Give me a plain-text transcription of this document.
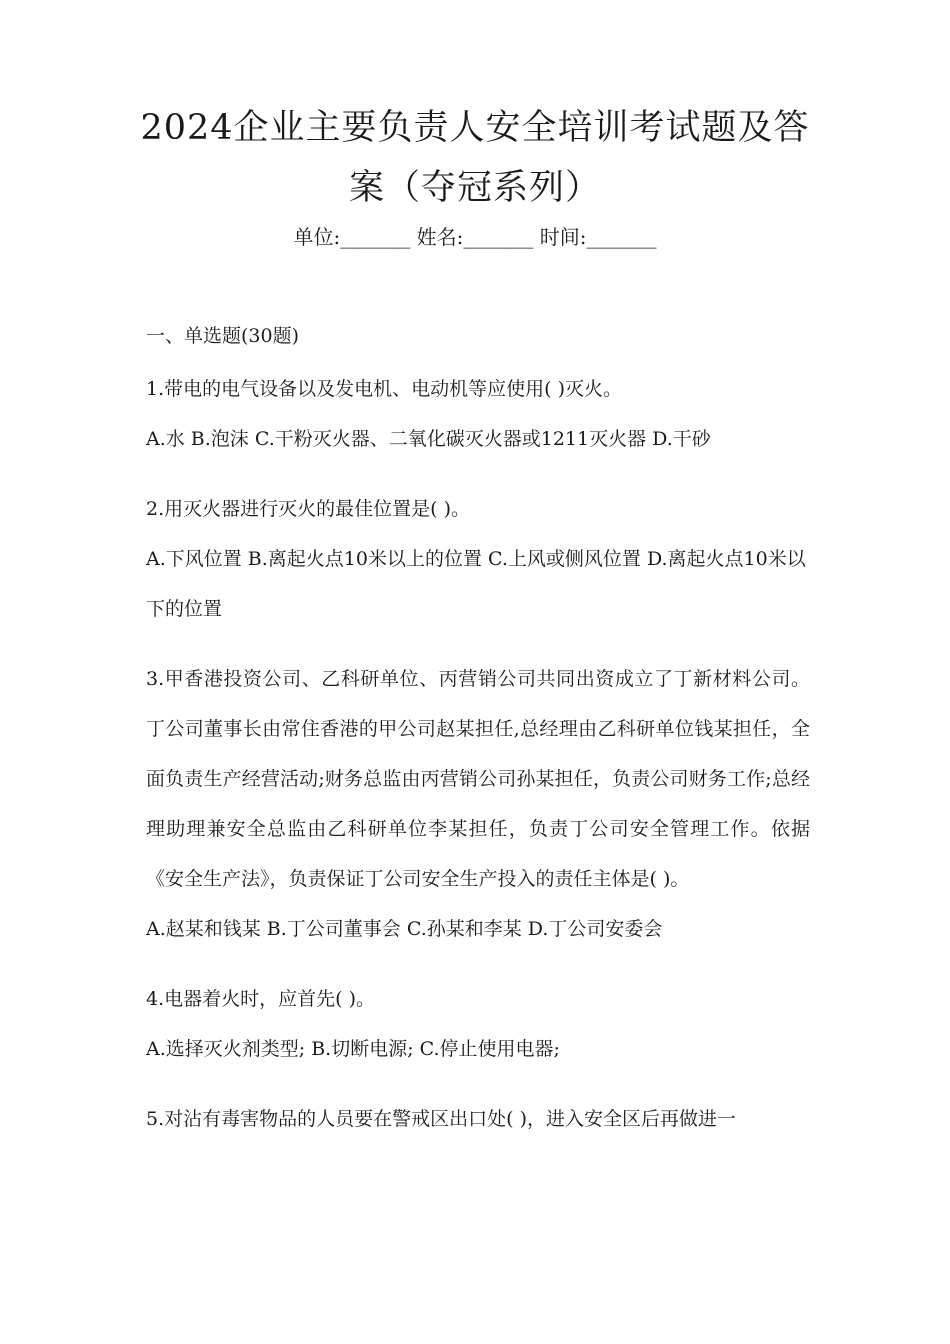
2024企业主要负责人安全培训考试题及答
案（夺冠系列）
单位:_______ 姓名:_______ 时间:_______
一、单选题(30题)

1.带电的电气设备以及发电机、电动机等应使用( )灭火。

A.水 B.泡沫 C.干粉灭火器、二氧化碳灭火器或1211灭火器 D.干砂

2.用灭火器进行灭火的最佳位置是( )。

A.下风位置 B.离起火点10米以上的位置 C.上风或侧风位置 D.离起火点10米以下的位置

3.甲香港投资公司、乙科研单位、丙营销公司共同出资成立了丁新材料公司。丁公司董事长由常住香港的甲公司赵某担任,总经理由乙科研单位钱某担任，全面负责生产经营活动;财务总监由丙营销公司孙某担任，负责公司财务工作;总经理助理兼安全总监由乙科研单位李某担任，负责丁公司安全管理工作。依据《安全生产法》，负责保证丁公司安全生产投入的责任主体是( )。

A.赵某和钱某 B.丁公司董事会 C.孙某和李某 D.丁公司安委会

4.电器着火时，应首先( )。

A.选择灭火剂类型; B.切断电源; C.停止使用电器;

5.对沾有毒害物品的人员要在警戒区出口处( )，进入安全区后再做进一
